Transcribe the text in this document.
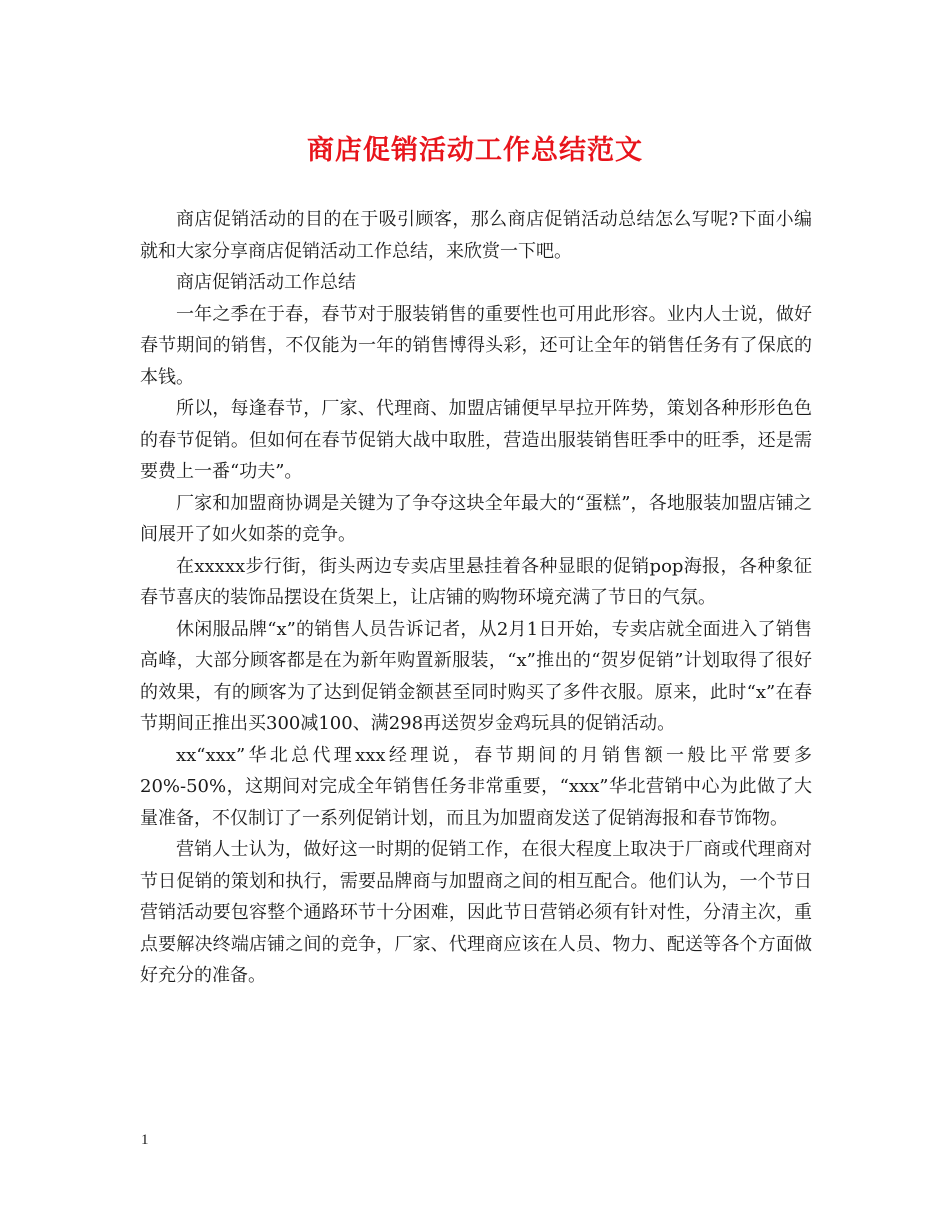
商店促销活动工作总结范文

商店促销活动的目的在于吸引顾客，那么商店促销活动总结怎么写呢?下面小编就和大家分享商店促销活动工作总结，来欣赏一下吧。

商店促销活动工作总结

一年之季在于春，春节对于服装销售的重要性也可用此形容。业内人士说，做好春节期间的销售，不仅能为一年的销售博得头彩，还可让全年的销售任务有了保底的本钱。

所以，每逢春节，厂家、代理商、加盟店铺便早早拉开阵势，策划各种形形色色的春节促销。但如何在春节促销大战中取胜，营造出服装销售旺季中的旺季，还是需要费上一番“功夫”。

厂家和加盟商协调是关键为了争夺这块全年最大的“蛋糕”，各地服装加盟店铺之间展开了如火如荼的竞争。

在xxxxx步行街，街头两边专卖店里悬挂着各种显眼的促销pop海报，各种象征春节喜庆的装饰品摆设在货架上，让店铺的购物环境充满了节日的气氛。

休闲服品牌“x”的销售人员告诉记者，从2月1日开始，专卖店就全面进入了销售高峰，大部分顾客都是在为新年购置新服装，“x”推出的“贺岁促销”计划取得了很好的效果，有的顾客为了达到促销金额甚至同时购买了多件衣服。原来，此时“x”在春节期间正推出买300减100、满298再送贺岁金鸡玩具的促销活动。

xx“xxx”华北总代理xxx经理说，春节期间的月销售额一般比平常要多20%-50%，这期间对完成全年销售任务非常重要，“xxx”华北营销中心为此做了大量准备，不仅制订了一系列促销计划，而且为加盟商发送了促销海报和春节饰物。

营销人士认为，做好这一时期的促销工作，在很大程度上取决于厂商或代理商对节日促销的策划和执行，需要品牌商与加盟商之间的相互配合。他们认为，一个节日营销活动要包容整个通路环节十分困难，因此节日营销必须有针对性，分清主次，重点要解决终端店铺之间的竞争，厂家、代理商应该在人员、物力、配送等各个方面做好充分的准备。

1
